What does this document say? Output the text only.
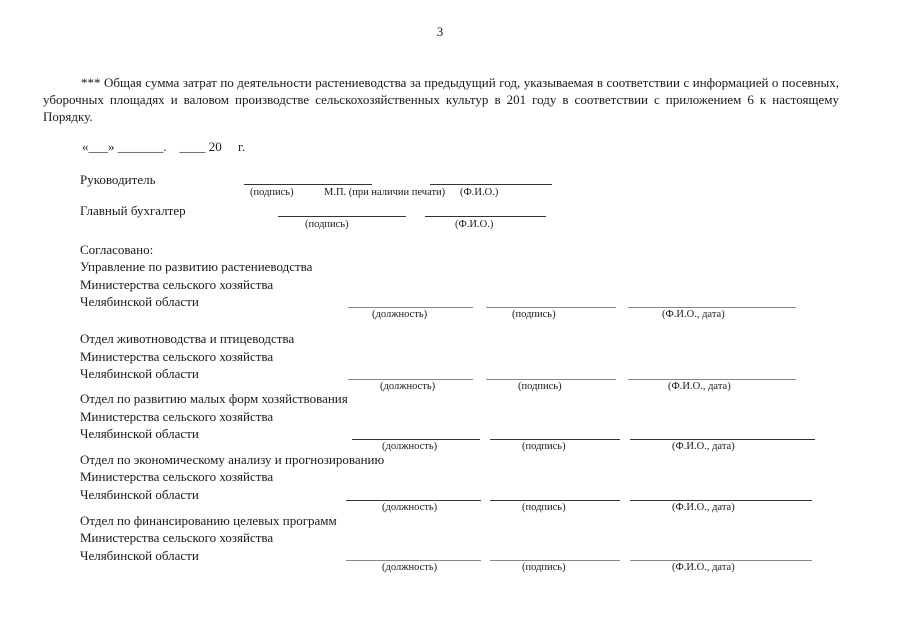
3
*** Общая сумма затрат по деятельности растениеводства за предыдущий год, указываемая в соответствии с информацией о посевных, уборочных площадях и валовом производстве сельскохозяйственных культур в 201 году в соответствии с приложением 6 к настоящему Порядку.
«___» _______.    ____ 20     г.
Руководитель
(подпись)	М.П. (при наличии печати) (Ф.И.О.)
Главный бухгалтер
(подпись)	(Ф.И.О.)
Согласовано:
Управление по развитию растениеводства
Министерства сельского хозяйства
Челябинской области
(должность)	(подпись)	(Ф.И.О., дата)
Отдел животноводства и птицеводства
Министерства сельского хозяйства
Челябинской области
(должность)	(подпись)	(Ф.И.О., дата)
Отдел по развитию малых форм хозяйствования
Министерства сельского хозяйства
Челябинской области
(должность)	(подпись)	(Ф.И.О., дата)
Отдел по экономическому анализу и прогнозированию
Министерства сельского хозяйства
Челябинской области
(должность)	(подпись)	(Ф.И.О., дата)
Отдел по финансированию целевых программ
Министерства сельского хозяйства
Челябинской области
(должность)	(подпись)	(Ф.И.О., дата)
